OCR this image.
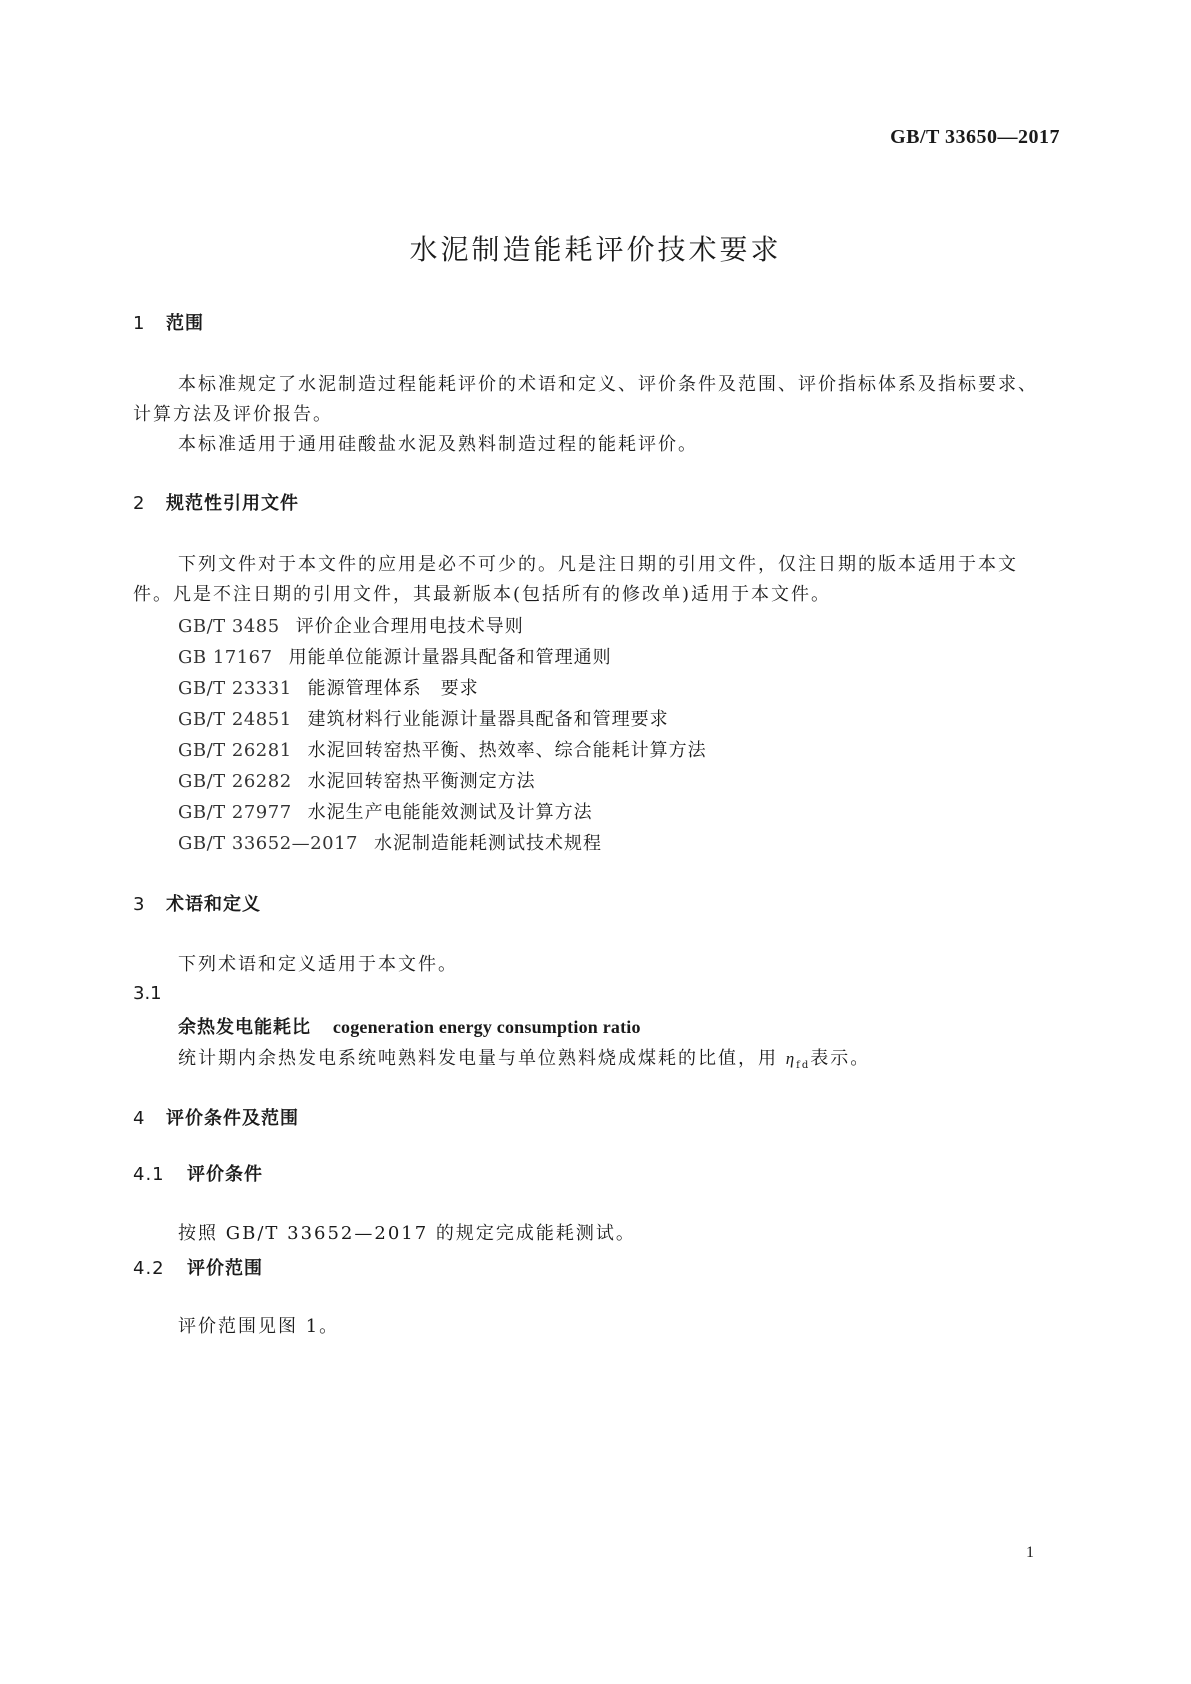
GB/T 33650—2017
水泥制造能耗评价技术要求
1 范围
本标准规定了水泥制造过程能耗评价的术语和定义、评价条件及范围、评价指标体系及指标要求、
计算方法及评价报告。
本标准适用于通用硅酸盐水泥及熟料制造过程的能耗评价。
2 规范性引用文件
下列文件对于本文件的应用是必不可少的。凡是注日期的引用文件，仅注日期的版本适用于本文
件。凡是不注日期的引用文件，其最新版本(包括所有的修改单)适用于本文件。
GB/T 3485 评价企业合理用电技术导则
GB 17167 用能单位能源计量器具配备和管理通则
GB/T 23331 能源管理体系　要求
GB/T 24851 建筑材料行业能源计量器具配备和管理要求
GB/T 26281 水泥回转窑热平衡、热效率、综合能耗计算方法
GB/T 26282 水泥回转窑热平衡测定方法
GB/T 27977 水泥生产电能能效测试及计算方法
GB/T 33652—2017 水泥制造能耗测试技术规程
3 术语和定义
下列术语和定义适用于本文件。
3.1
余热发电能耗比 cogeneration energy consumption ratio
统计期内余热发电系统吨熟料发电量与单位熟料烧成煤耗的比值，用 $\eta_{fd}$表示。
4 评价条件及范围
4.1 评价条件
按照 GB/T 33652—2017 的规定完成能耗测试。
4.2 评价范围
评价范围见图 1。
1
